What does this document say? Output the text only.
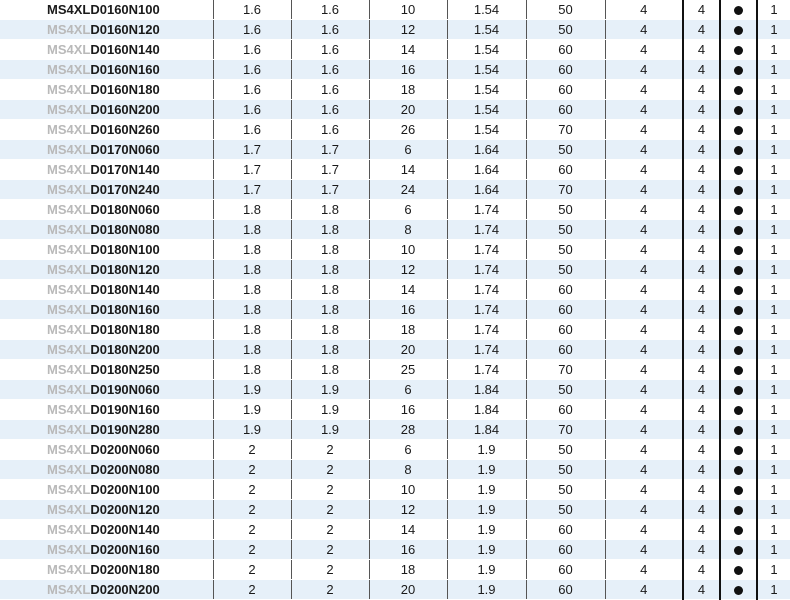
MS4XLD0160N100	1.6	1.6	10	1.54	50	4	4		1
MS4XLD0160N120	1.6	1.6	12	1.54	50	4	4		1
MS4XLD0160N140	1.6	1.6	14	1.54	60	4	4		1
MS4XLD0160N160	1.6	1.6	16	1.54	60	4	4		1
MS4XLD0160N180	1.6	1.6	18	1.54	60	4	4		1
MS4XLD0160N200	1.6	1.6	20	1.54	60	4	4		1
MS4XLD0160N260	1.6	1.6	26	1.54	70	4	4		1
MS4XLD0170N060	1.7	1.7	6	1.64	50	4	4		1
MS4XLD0170N140	1.7	1.7	14	1.64	60	4	4		1
MS4XLD0170N240	1.7	1.7	24	1.64	70	4	4		1
MS4XLD0180N060	1.8	1.8	6	1.74	50	4	4		1
MS4XLD0180N080	1.8	1.8	8	1.74	50	4	4		1
MS4XLD0180N100	1.8	1.8	10	1.74	50	4	4		1
MS4XLD0180N120	1.8	1.8	12	1.74	50	4	4		1
MS4XLD0180N140	1.8	1.8	14	1.74	60	4	4		1
MS4XLD0180N160	1.8	1.8	16	1.74	60	4	4		1
MS4XLD0180N180	1.8	1.8	18	1.74	60	4	4		1
MS4XLD0180N200	1.8	1.8	20	1.74	60	4	4		1
MS4XLD0180N250	1.8	1.8	25	1.74	70	4	4		1
MS4XLD0190N060	1.9	1.9	6	1.84	50	4	4		1
MS4XLD0190N160	1.9	1.9	16	1.84	60	4	4		1
MS4XLD0190N280	1.9	1.9	28	1.84	70	4	4		1
MS4XLD0200N060	2	2	6	1.9	50	4	4		1
MS4XLD0200N080	2	2	8	1.9	50	4	4		1
MS4XLD0200N100	2	2	10	1.9	50	4	4		1
MS4XLD0200N120	2	2	12	1.9	50	4	4		1
MS4XLD0200N140	2	2	14	1.9	60	4	4		1
MS4XLD0200N160	2	2	16	1.9	60	4	4		1
MS4XLD0200N180	2	2	18	1.9	60	4	4		1
MS4XLD0200N200	2	2	20	1.9	60	4	4		1
